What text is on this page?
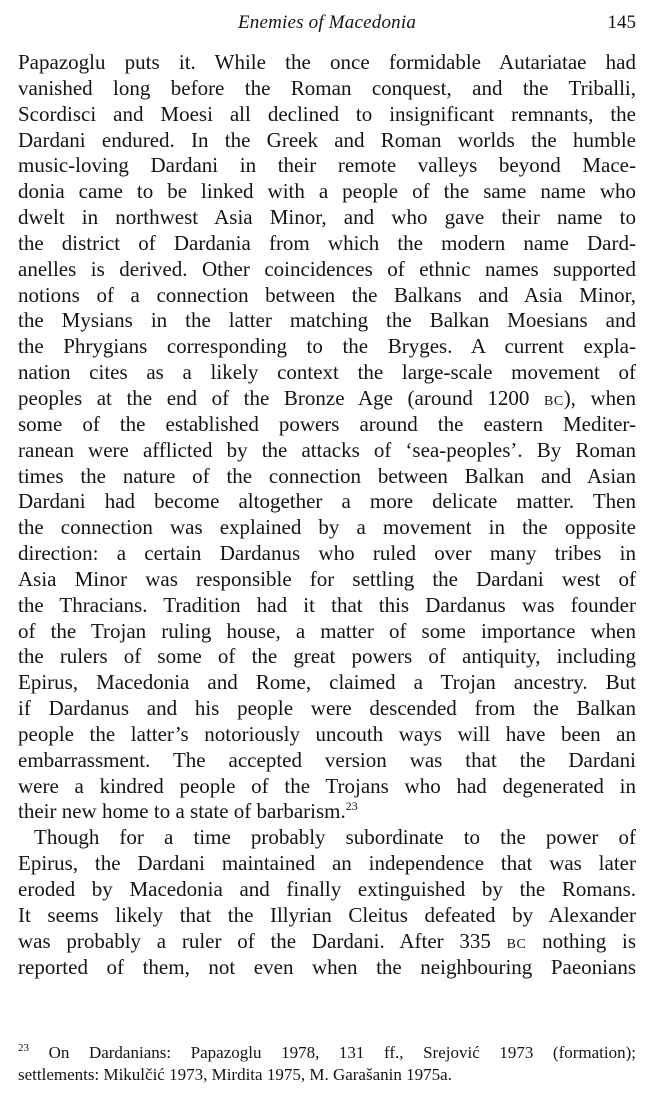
Enemies of Macedonia	145
Papazoglu puts it. While the once formidable Autariatae had
vanished long before the Roman conquest, and the Triballi,
Scordisci and Moesi all declined to insignificant remnants, the
Dardani endured. In the Greek and Roman worlds the humble
music-loving Dardani in their remote valleys beyond Mace-
donia came to be linked with a people of the same name who
dwelt in northwest Asia Minor, and who gave their name to
the district of Dardania from which the modern name Dard-
anelles is derived. Other coincidences of ethnic names supported
notions of a connection between the Balkans and Asia Minor,
the Mysians in the latter matching the Balkan Moesians and
the Phrygians corresponding to the Bryges. A current expla-
nation cites as a likely context the large-scale movement of
peoples at the end of the Bronze Age (around 1200 BC), when
some of the established powers around the eastern Mediter-
ranean were afflicted by the attacks of ‘sea-peoples’. By Roman
times the nature of the connection between Balkan and Asian
Dardani had become altogether a more delicate matter. Then
the connection was explained by a movement in the opposite
direction: a certain Dardanus who ruled over many tribes in
Asia Minor was responsible for settling the Dardani west of
the Thracians. Tradition had it that this Dardanus was founder
of the Trojan ruling house, a matter of some importance when
the rulers of some of the great powers of antiquity, including
Epirus, Macedonia and Rome, claimed a Trojan ancestry. But
if Dardanus and his people were descended from the Balkan
people the latter’s notoriously uncouth ways will have been an
embarrassment. The accepted version was that the Dardani
were a kindred people of the Trojans who had degenerated in
their new home to a state of barbarism.$^{23}$
Though for a time probably subordinate to the power of
Epirus, the Dardani maintained an independence that was later
eroded by Macedonia and finally extinguished by the Romans.
It seems likely that the Illyrian Cleitus defeated by Alexander
was probably a ruler of the Dardani. After 335 BC nothing is
reported of them, not even when the neighbouring Paeonians
$^{23}$ On Dardanians: Papazoglu 1978, 131 ff., Srejović 1973 (formation);
settlements: Mikulčić 1973, Mirdita 1975, M. Garašanin 1975a.
